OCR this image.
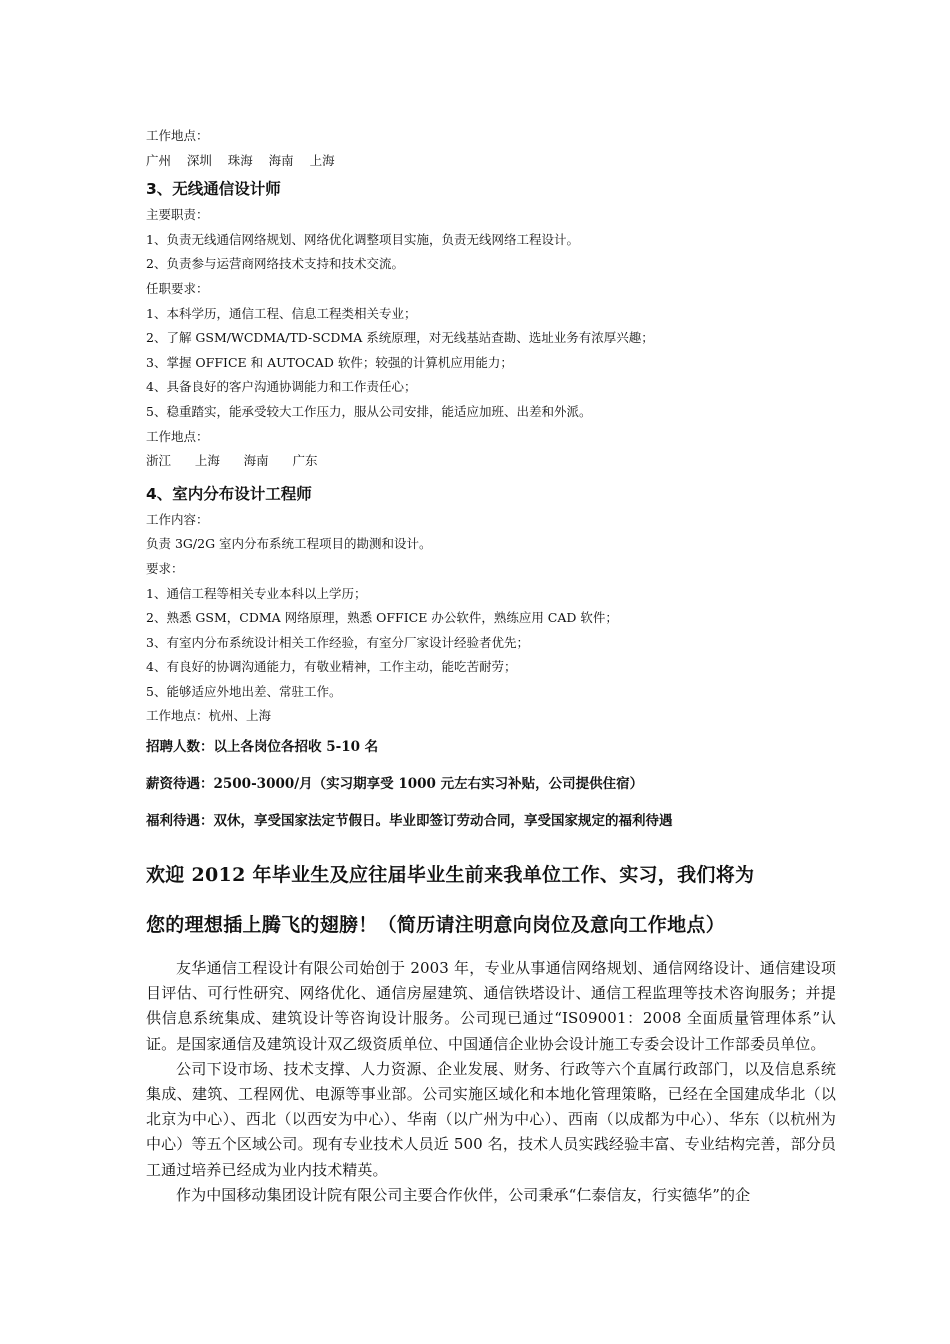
工作地点：

广州    深圳    珠海    海南    上海

3、无线通信设计师

主要职责：

1、负责无线通信网络规划、网络优化调整项目实施，负责无线网络工程设计。

2、负责参与运营商网络技术支持和技术交流。

任职要求：

1、本科学历，通信工程、信息工程类相关专业；

2、了解 GSM/WCDMA/TD-SCDMA 系统原理，对无线基站查勘、选址业务有浓厚兴趣；

3、掌握 OFFICE 和 AUTOCAD 软件；较强的计算机应用能力；

4、具备良好的客户沟通协调能力和工作责任心；

5、稳重踏实，能承受较大工作压力，服从公司安排，能适应加班、出差和外派。

工作地点：

浙江      上海      海南      广东

4、室内分布设计工程师

工作内容：

负责 3G/2G 室内分布系统工程项目的勘测和设计。

要求：

1、通信工程等相关专业本科以上学历；

2、熟悉 GSM，CDMA 网络原理，熟悉 OFFICE 办公软件，熟练应用 CAD 软件；

3、有室内分布系统设计相关工作经验，有室分厂家设计经验者优先；

4、有良好的协调沟通能力，有敬业精神，工作主动，能吃苦耐劳；

5、能够适应外地出差、常驻工作。

工作地点：杭州、上海

招聘人数：以上各岗位各招收 5-10 名

薪资待遇：2500-3000/月（实习期享受 1000 元左右实习补贴，公司提供住宿）

福利待遇：双休，享受国家法定节假日。毕业即签订劳动合同，享受国家规定的福利待遇

欢迎 2012 年毕业生及应往届毕业生前来我单位工作、实习，我们将为

您的理想插上腾飞的翅膀！（简历请注明意向岗位及意向工作地点）

友华通信工程设计有限公司始创于 2003 年，专业从事通信网络规划、通信网络设计、通信建设项目评估、可行性研究、网络优化、通信房屋建筑、通信铁塔设计、通信工程监理等技术咨询服务；并提供信息系统集成、建筑设计等咨询设计服务。公司现已通过“IS09001：2008 全面质量管理体系”认证。是国家通信及建筑设计双乙级资质单位、中国通信企业协会设计施工专委会设计工作部委员单位。

公司下设市场、技术支撑、人力资源、企业发展、财务、行政等六个直属行政部门，以及信息系统集成、建筑、工程网优、电源等事业部。公司实施区域化和本地化管理策略，已经在全国建成华北（以北京为中心）、西北（以西安为中心）、华南（以广州为中心）、西南（以成都为中心）、华东（以杭州为中心）等五个区域公司。现有专业技术人员近 500 名，技术人员实践经验丰富、专业结构完善，部分员工通过培养已经成为业内技术精英。

作为中国移动集团设计院有限公司主要合作伙伴，公司秉承“仁泰信友，行实德华”的企
